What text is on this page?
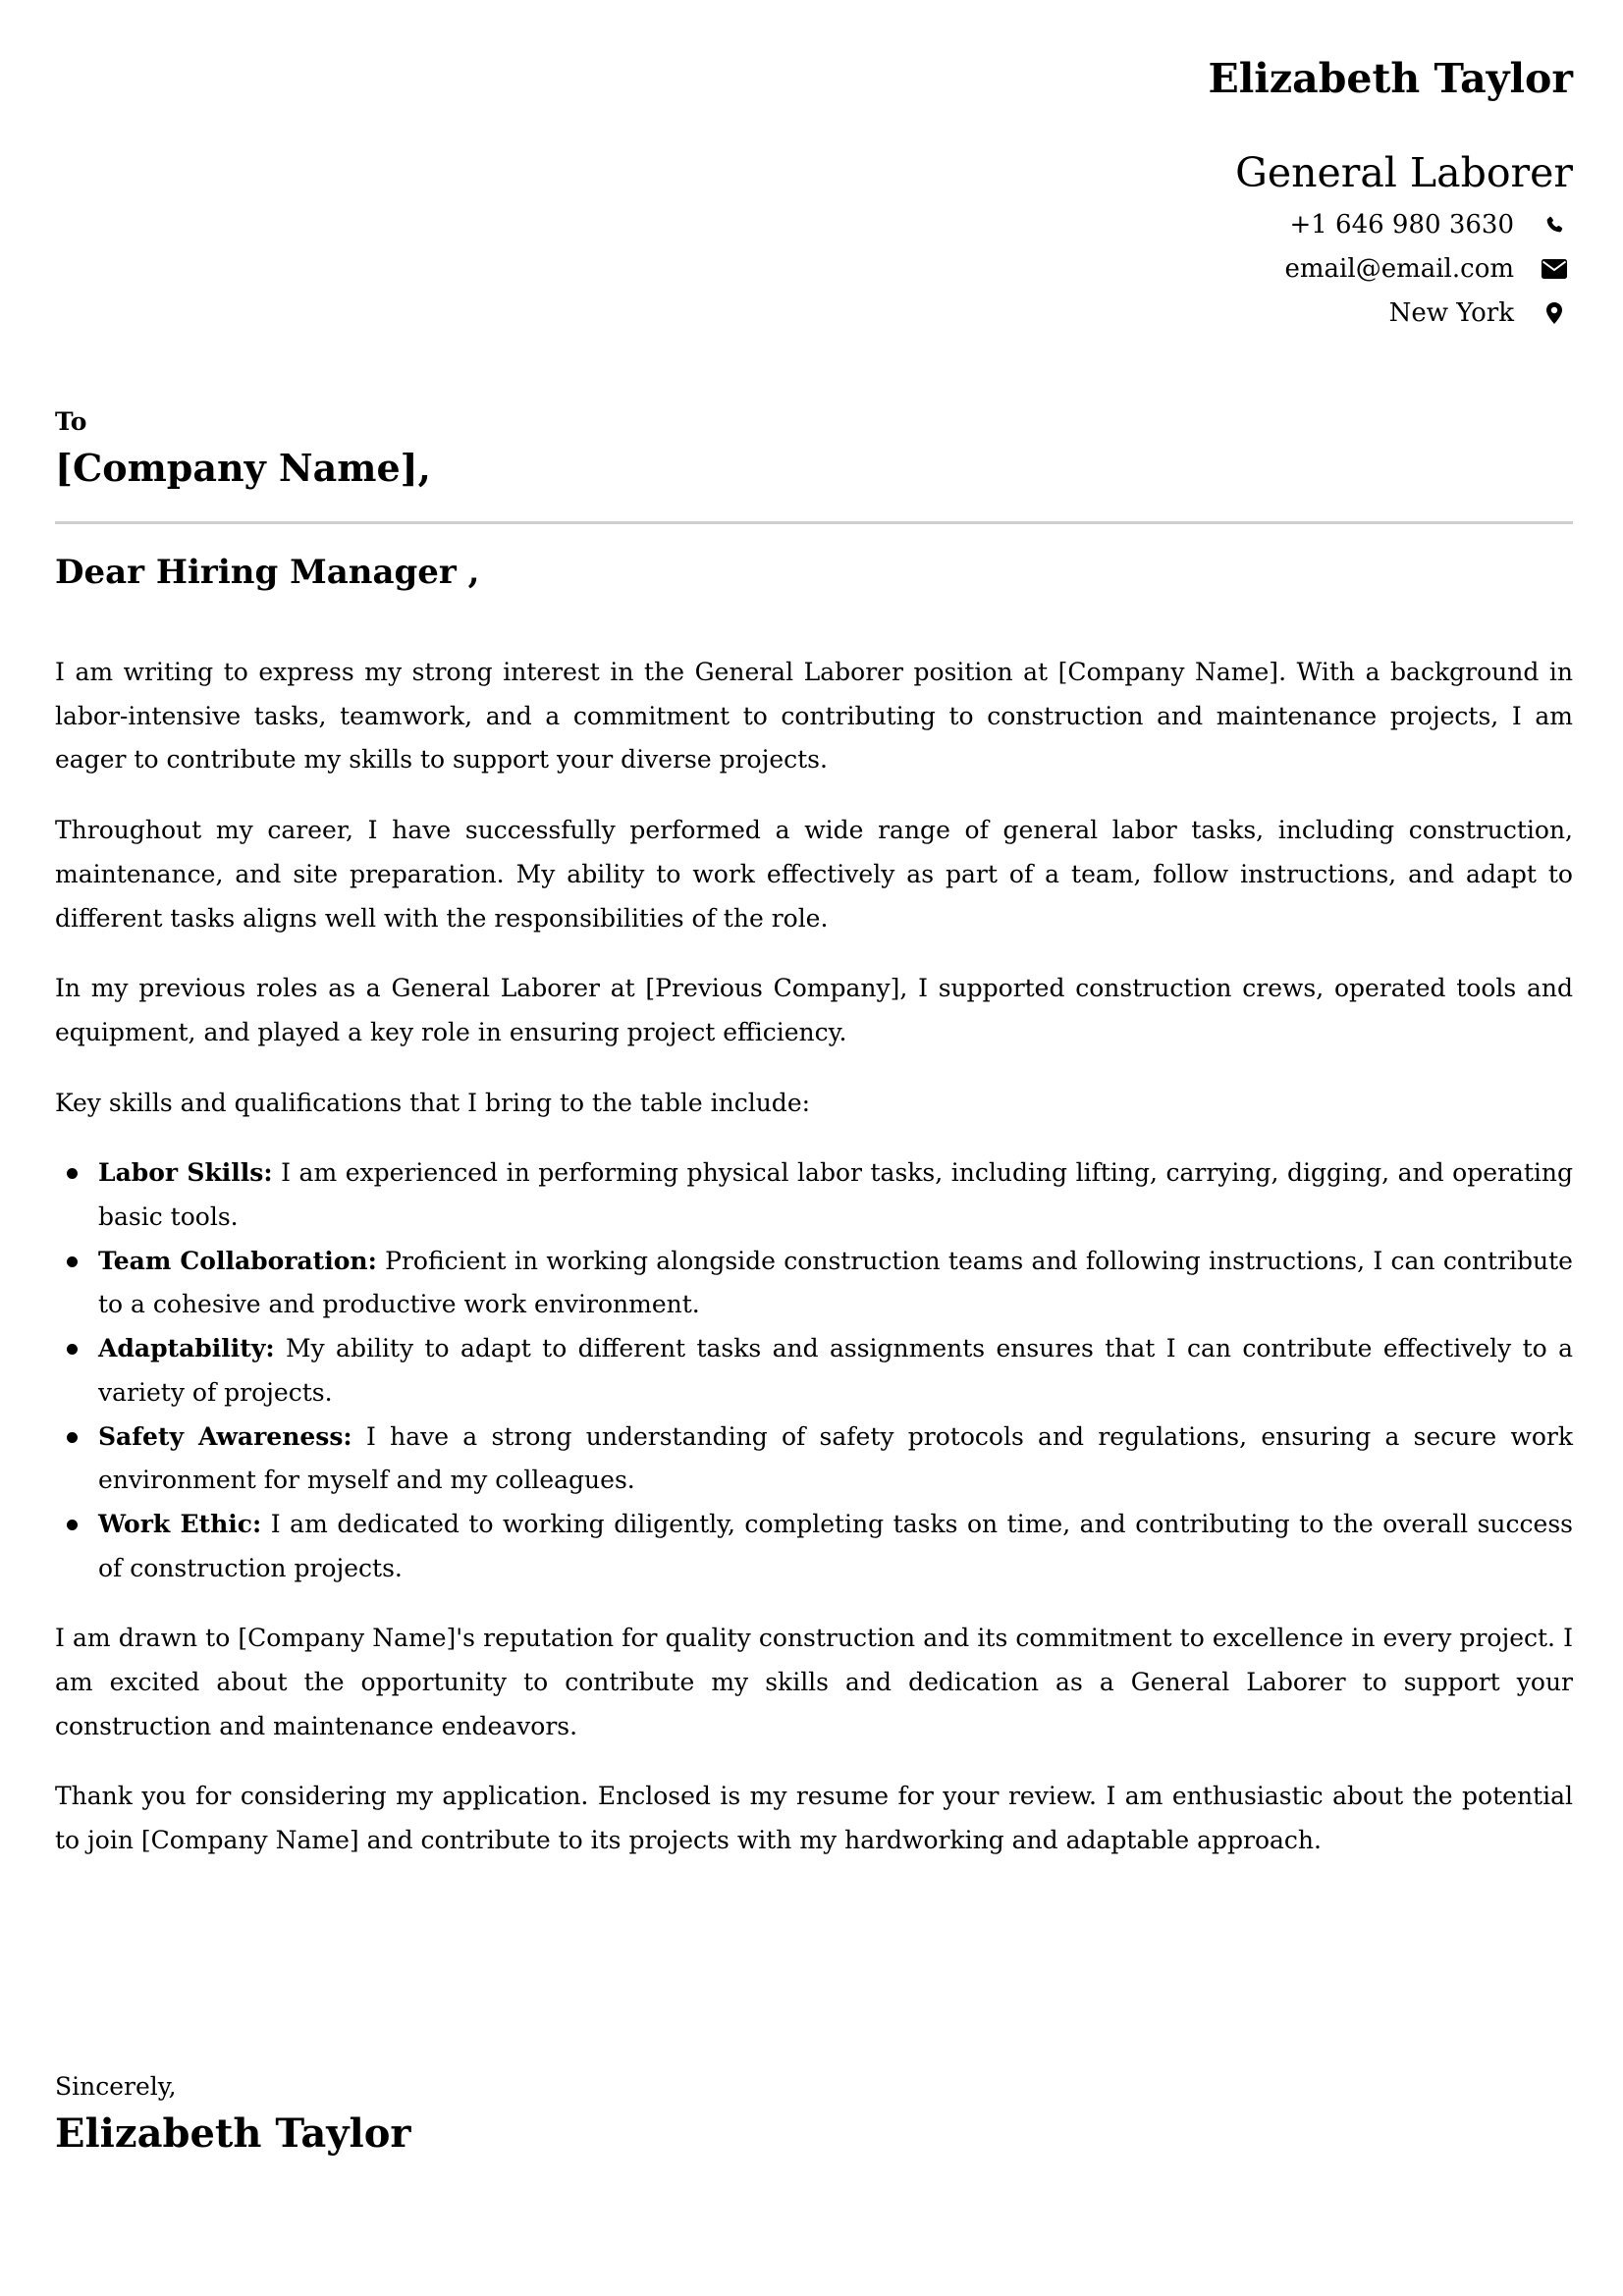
Elizabeth Taylor
General Laborer
+1 646 980 3630
email@email.com
New York
To
[Company Name],
Dear Hiring Manager ,

I am writing to express my strong interest in the General Laborer position at [Company Name]. With a background in labor-intensive tasks, teamwork, and a commitment to contributing to construction and maintenance projects, I am eager to contribute my skills to support your diverse projects.

Throughout my career, I have successfully performed a wide range of general labor tasks, including construction, maintenance, and site preparation. My ability to work effectively as part of a team, follow instructions, and adapt to different tasks aligns well with the responsibilities of the role.

In my previous roles as a General Laborer at [Previous Company], I supported construction crews, operated tools and equipment, and played a key role in ensuring project efficiency.

Key skills and qualifications that I bring to the table include:

Labor Skills: I am experienced in performing physical labor tasks, including lifting, carrying, digging, and operating basic tools.
Team Collaboration: Proficient in working alongside construction teams and following instructions, I can contribute to a cohesive and productive work environment.
Adaptability: My ability to adapt to different tasks and assignments ensures that I can contribute effectively to a variety of projects.
Safety Awareness: I have a strong understanding of safety protocols and regulations, ensuring a secure work environment for myself and my colleagues.
Work Ethic: I am dedicated to working diligently, completing tasks on time, and contributing to the overall success of construction projects.

I am drawn to [Company Name]'s reputation for quality construction and its commitment to excellence in every project. I am excited about the opportunity to contribute my skills and dedication as a General Laborer to support your construction and maintenance endeavors.

Thank you for considering my application. Enclosed is my resume for your review. I am enthusiastic about the potential to join [Company Name] and contribute to its projects with my hardworking and adaptable approach.

Sincerely,
Elizabeth Taylor
